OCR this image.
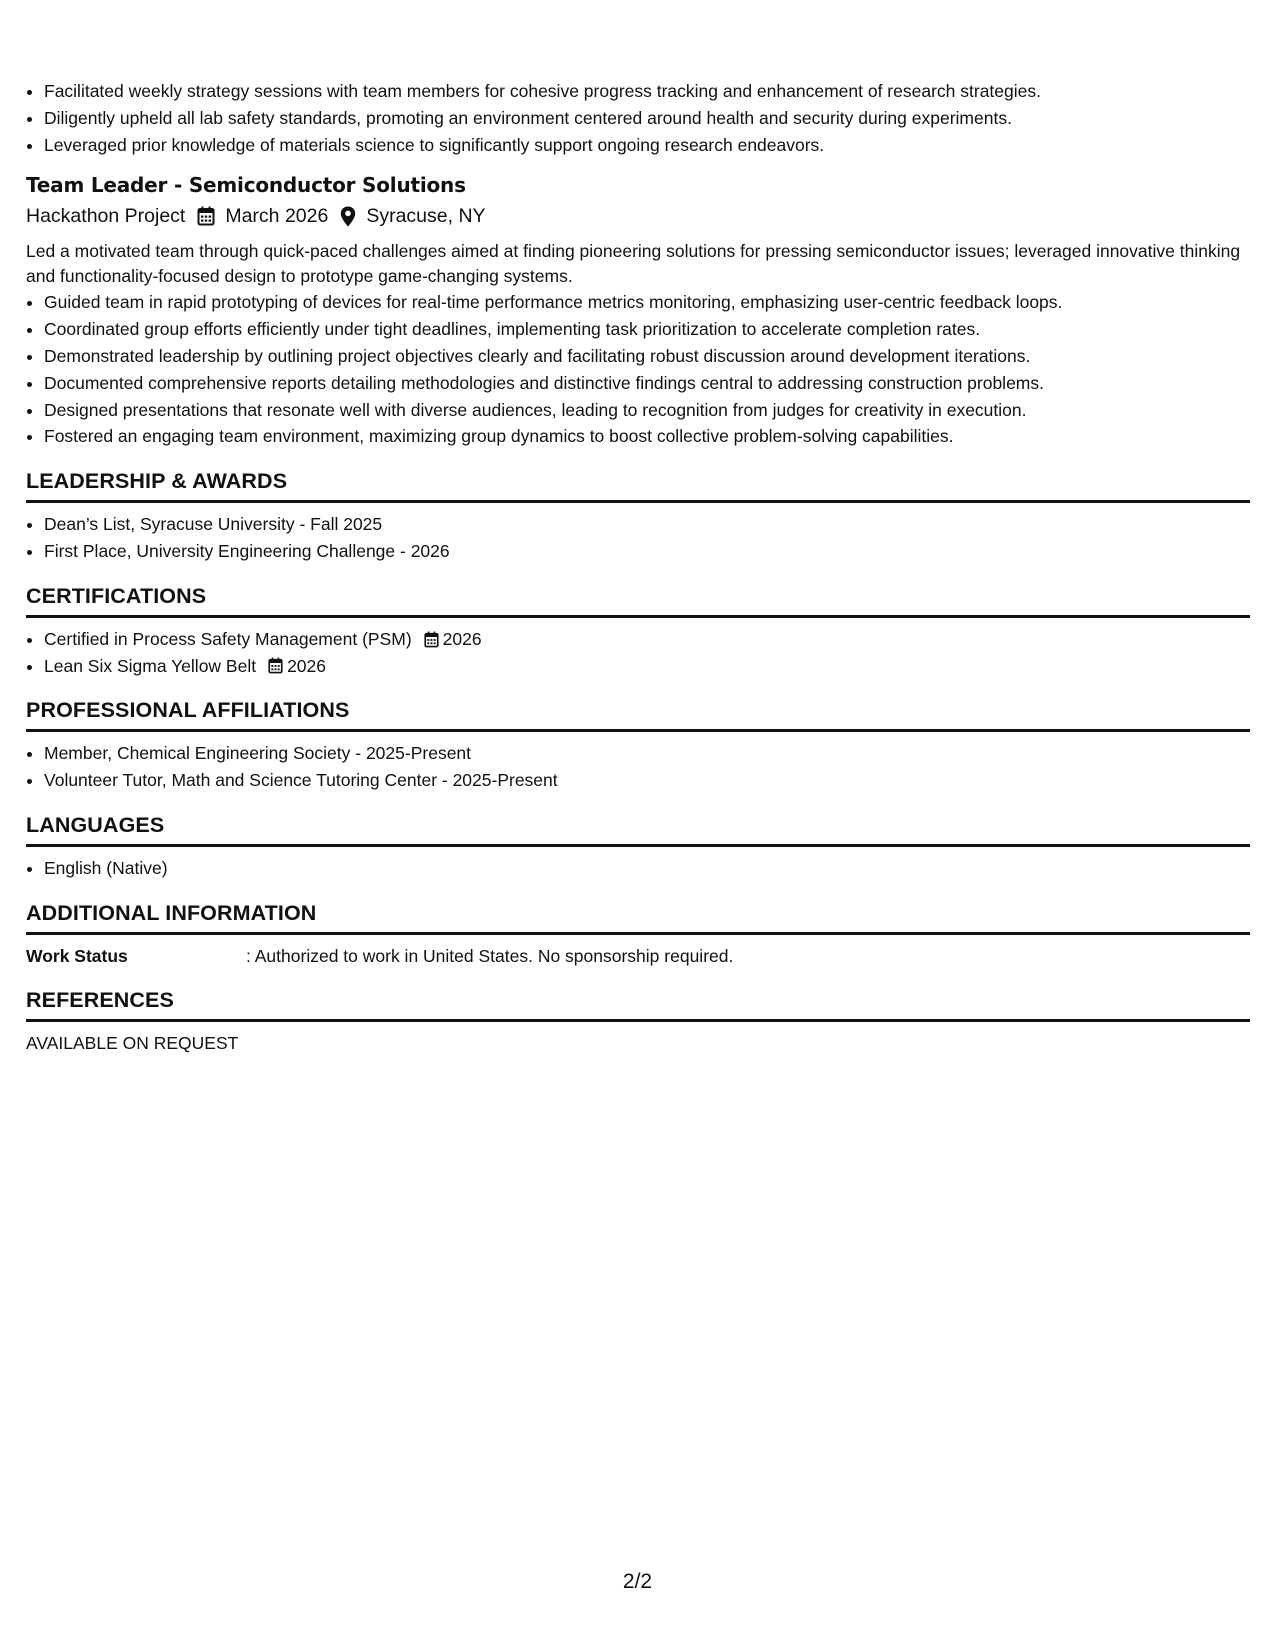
• Facilitated weekly strategy sessions with team members for cohesive progress tracking and enhancement of research strategies.
• Diligently upheld all lab safety standards, promoting an environment centered around health and security during experiments.
• Leveraged prior knowledge of materials science to significantly support ongoing research endeavors.
Team Leader - Semiconductor Solutions
Hackathon Project March 2026 Syracuse, NY
Led a motivated team through quick-paced challenges aimed at finding pioneering solutions for pressing semiconductor issues; leveraged innovative thinking and functionality-focused design to prototype game-changing systems.
• Guided team in rapid prototyping of devices for real-time performance metrics monitoring, emphasizing user-centric feedback loops.
• Coordinated group efforts efficiently under tight deadlines, implementing task prioritization to accelerate completion rates.
• Demonstrated leadership by outlining project objectives clearly and facilitating robust discussion around development iterations.
• Documented comprehensive reports detailing methodologies and distinctive findings central to addressing construction problems.
• Designed presentations that resonate well with diverse audiences, leading to recognition from judges for creativity in execution.
• Fostered an engaging team environment, maximizing group dynamics to boost collective problem-solving capabilities.
LEADERSHIP & AWARDS
• Dean’s List, Syracuse University - Fall 2025
• First Place, University Engineering Challenge - 2026
CERTIFICATIONS
• Certified in Process Safety Management (PSM) 2026
• Lean Six Sigma Yellow Belt 2026
PROFESSIONAL AFFILIATIONS
• Member, Chemical Engineering Society - 2025-Present
• Volunteer Tutor, Math and Science Tutoring Center - 2025-Present
LANGUAGES
• English (Native)
ADDITIONAL INFORMATION
Work Status	: Authorized to work in United States. No sponsorship required.
REFERENCES
AVAILABLE ON REQUEST
2/2
